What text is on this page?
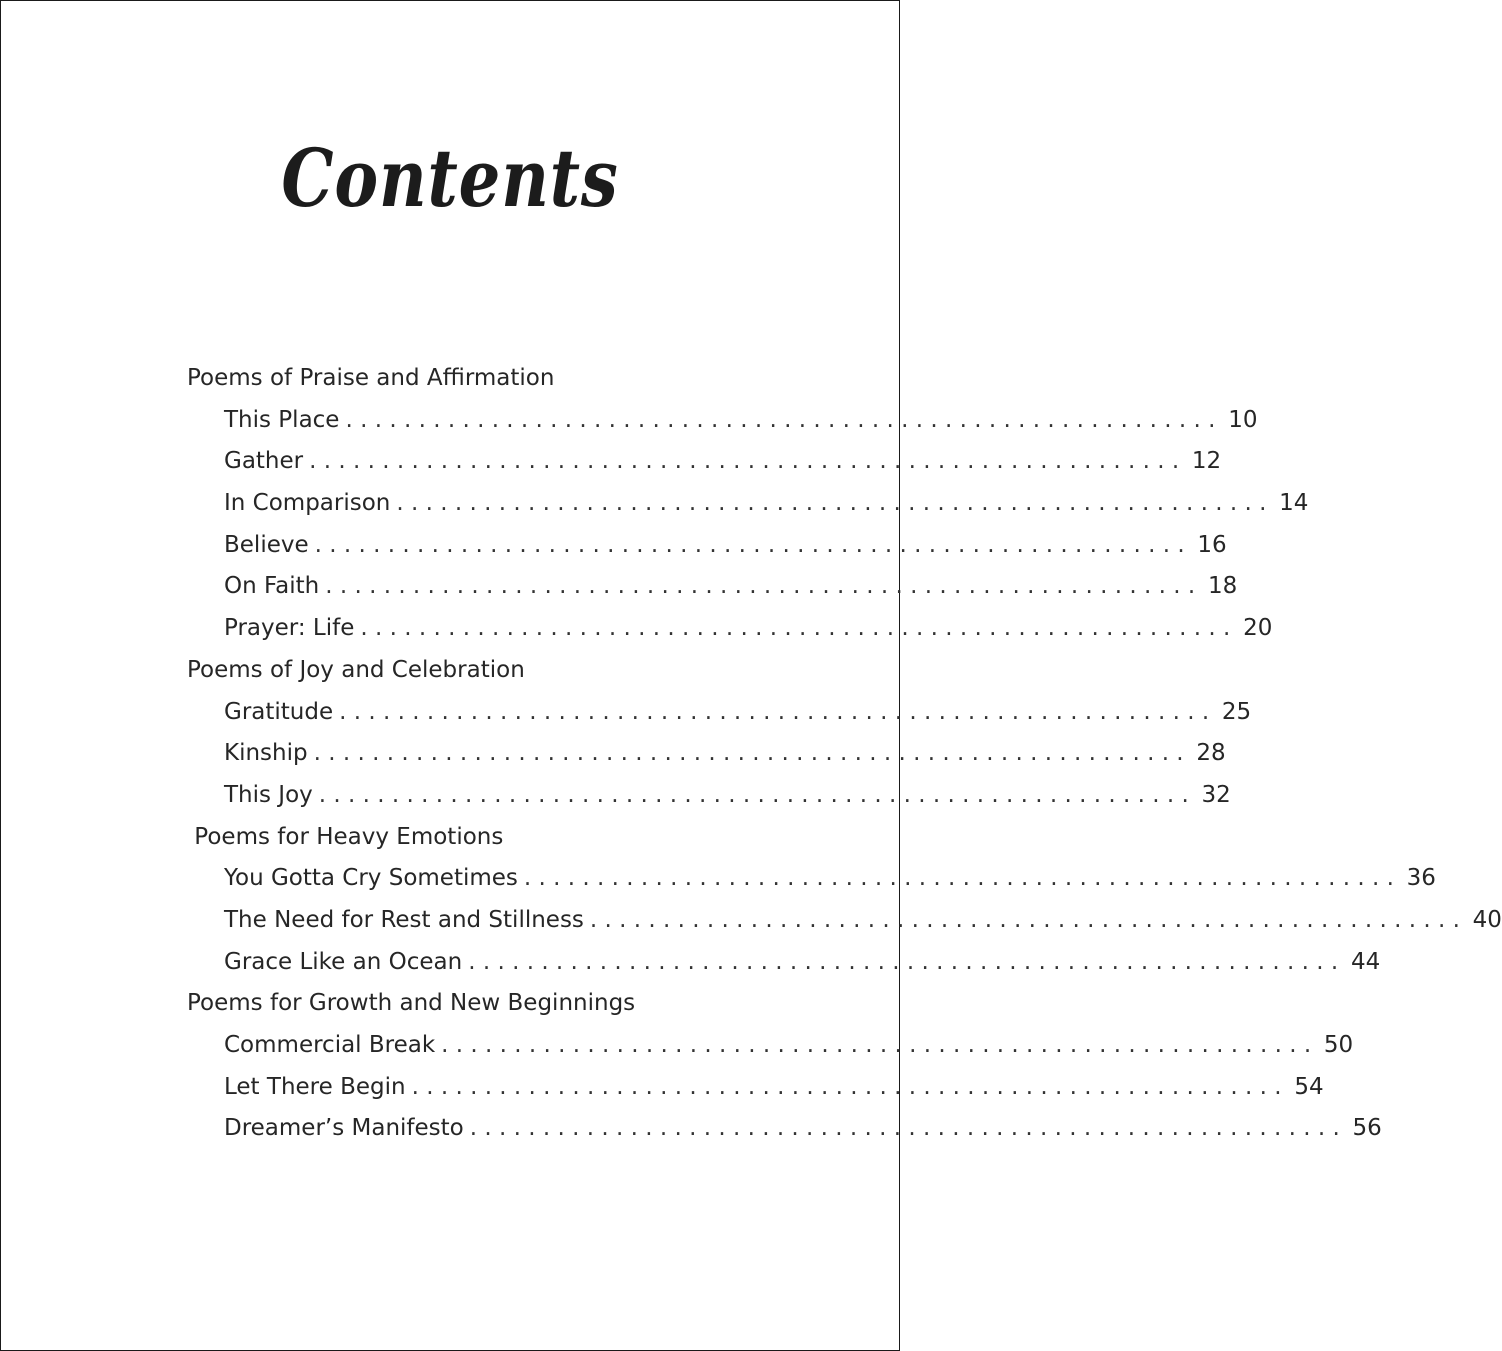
Contents
Poems of Praise and Affirmation
This Place . . . . . . . . . . . . . . . . . . . . . . . . . . . . . . . . . . . . . . . . . . . . . . . . . . . . . . . . . . . . 10
Gather . . . . . . . . . . . . . . . . . . . . . . . . . . . . . . . . . . . . . . . . . . . . . . . . . . . . . . . . . . . . 12
In Comparison . . . . . . . . . . . . . . . . . . . . . . . . . . . . . . . . . . . . . . . . . . . . . . . . . . . . . . . . . . . . 14
Believe . . . . . . . . . . . . . . . . . . . . . . . . . . . . . . . . . . . . . . . . . . . . . . . . . . . . . . . . . . . . 16
On Faith . . . . . . . . . . . . . . . . . . . . . . . . . . . . . . . . . . . . . . . . . . . . . . . . . . . . . . . . . . . . 18
Prayer: Life . . . . . . . . . . . . . . . . . . . . . . . . . . . . . . . . . . . . . . . . . . . . . . . . . . . . . . . . . . . . 20
Poems of Joy and Celebration
Gratitude . . . . . . . . . . . . . . . . . . . . . . . . . . . . . . . . . . . . . . . . . . . . . . . . . . . . . . . . . . . . 25
Kinship . . . . . . . . . . . . . . . . . . . . . . . . . . . . . . . . . . . . . . . . . . . . . . . . . . . . . . . . . . . . 28
This Joy . . . . . . . . . . . . . . . . . . . . . . . . . . . . . . . . . . . . . . . . . . . . . . . . . . . . . . . . . . . . 32
Poems for Heavy Emotions
You Gotta Cry Sometimes . . . . . . . . . . . . . . . . . . . . . . . . . . . . . . . . . . . . . . . . . . . . . . . . . . . . . . . . . . . . 36
The Need for Rest and Stillness . . . . . . . . . . . . . . . . . . . . . . . . . . . . . . . . . . . . . . . . . . . . . . . . . . . . . . . . . . . . 40
Grace Like an Ocean . . . . . . . . . . . . . . . . . . . . . . . . . . . . . . . . . . . . . . . . . . . . . . . . . . . . . . . . . . . . 44
Poems for Growth and New Beginnings
Commercial Break . . . . . . . . . . . . . . . . . . . . . . . . . . . . . . . . . . . . . . . . . . . . . . . . . . . . . . . . . . . . 50
Let There Begin . . . . . . . . . . . . . . . . . . . . . . . . . . . . . . . . . . . . . . . . . . . . . . . . . . . . . . . . . . . . 54
Dreamer’s Manifesto . . . . . . . . . . . . . . . . . . . . . . . . . . . . . . . . . . . . . . . . . . . . . . . . . . . . . . . . . . . . 56
